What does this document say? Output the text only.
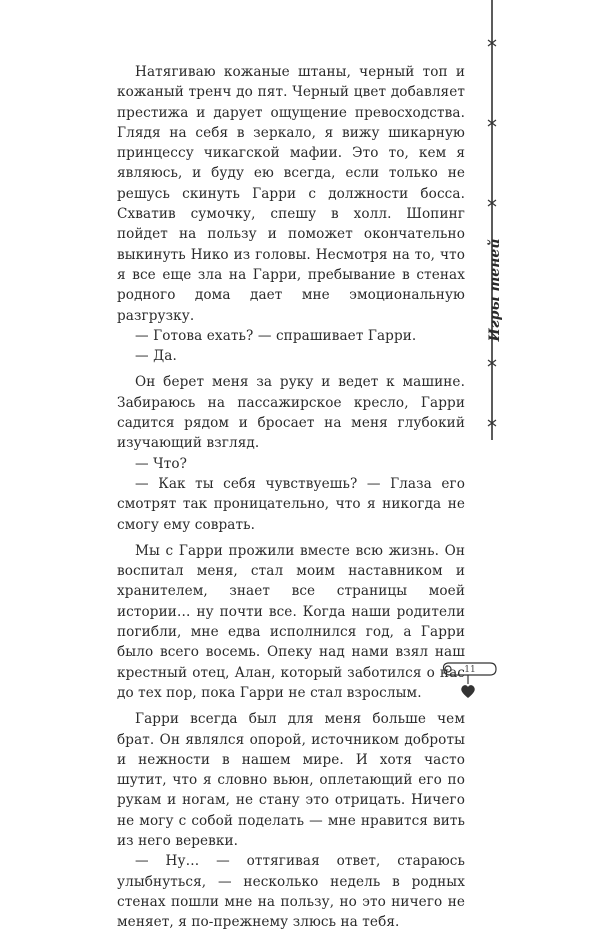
Игры теней

Натягиваю кожаные штаны, черный топ и кожаный тренч до пят. Черный цвет добавляет престижа и дарует ощущение превосходства. Глядя на себя в зеркало, я вижу шикарную принцессу чикагской мафии. Это то, кем я являюсь, и буду ею всегда, если только не решусь скинуть Гарри с должности босса. Схватив сумочку, спешу в холл. Шопинг пойдет на пользу и поможет окончательно выкинуть Нико из головы. Несмотря на то, что я все еще зла на Гарри, пребывание в стенах родного дома дает мне эмоциональную разгрузку.

— Готова ехать? — спрашивает Гарри.

— Да.

Он берет меня за руку и ведет к машине. Забираюсь на пассажирское кресло, Гарри садится рядом и бросает на меня глубокий изучающий взгляд.

— Что?

— Как ты себя чувствуешь? — Глаза его смотрят так проницательно, что я никогда не смогу ему соврать.

Мы с Гарри прожили вместе всю жизнь. Он воспитал меня, стал моим наставником и хранителем, знает все страницы моей истории… ну почти все. Когда наши родители погибли, мне едва исполнился год, а Гарри было всего восемь. Опеку над нами взял наш крестный отец, Алан, который заботился о нас до тех пор, пока Гарри не стал взрослым.

Гарри всегда был для меня больше чем брат. Он являлся опорой, источником доброты и нежности в нашем мире. И хотя часто шутит, что я словно вьюн, оплетающий его по рукам и ногам, не стану это отрицать. Ничего не могу с собой поделать — мне нравится вить из него веревки.

— Ну… — оттягивая ответ, стараюсь улыбнуться, — несколько недель в родных стенах пошли мне на пользу, но это ничего не меняет, я по-прежнему злюсь на тебя.

11
